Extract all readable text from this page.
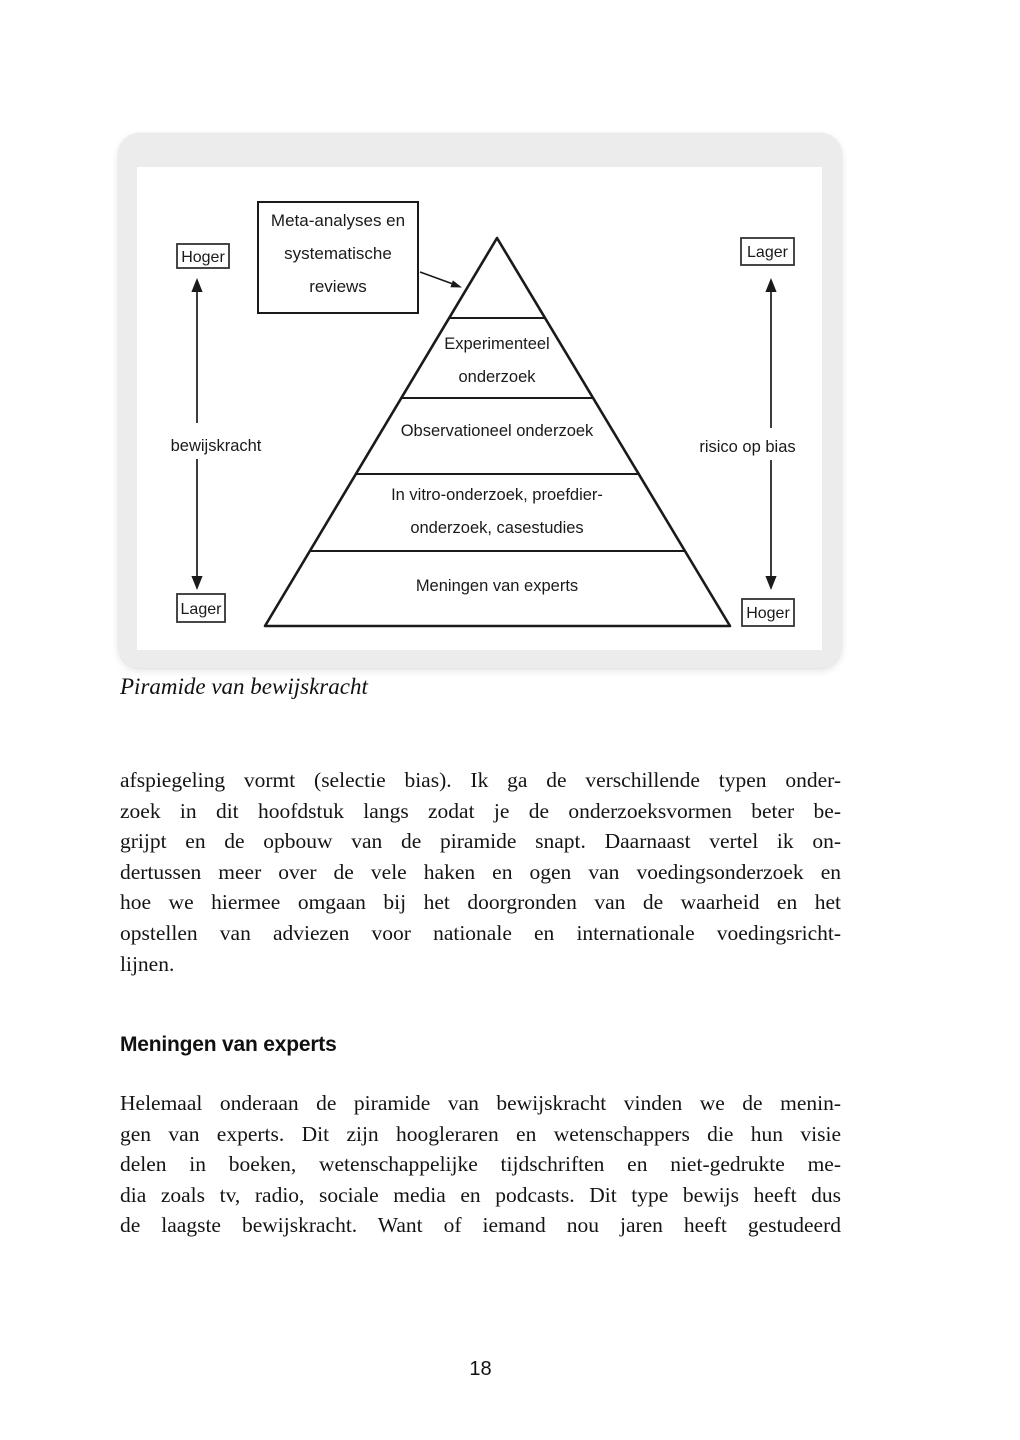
Experimenteel
onderzoek
Observationeel onderzoek
In vitro-onderzoek, proefdier-
onderzoek, casestudies
Meningen van experts
Meta-analyses en
systematische
reviews
Hoger
bewijskracht
Lager
Lager
risico op bias
Hoger
Piramide van bewijskracht
afspiegeling vormt (selectie bias). Ik ga de verschillende typen onder-
zoek in dit hoofdstuk langs zodat je de onderzoeksvormen beter be-
grijpt en de opbouw van de piramide snapt. Daarnaast vertel ik on-
dertussen meer over de vele haken en ogen van voedingsonderzoek en
hoe we hiermee omgaan bij het doorgronden van de waarheid en het
opstellen van adviezen voor nationale en internationale voedingsricht-
lijnen.
Meningen van experts
Helemaal onderaan de piramide van bewijskracht vinden we de menin-
gen van experts. Dit zijn hoogleraren en wetenschappers die hun visie
delen in boeken, wetenschappelijke tijdschriften en niet-gedrukte me-
dia zoals tv, radio, sociale media en podcasts. Dit type bewijs heeft dus
de laagste bewijskracht. Want of iemand nou jaren heeft gestudeerd
18
